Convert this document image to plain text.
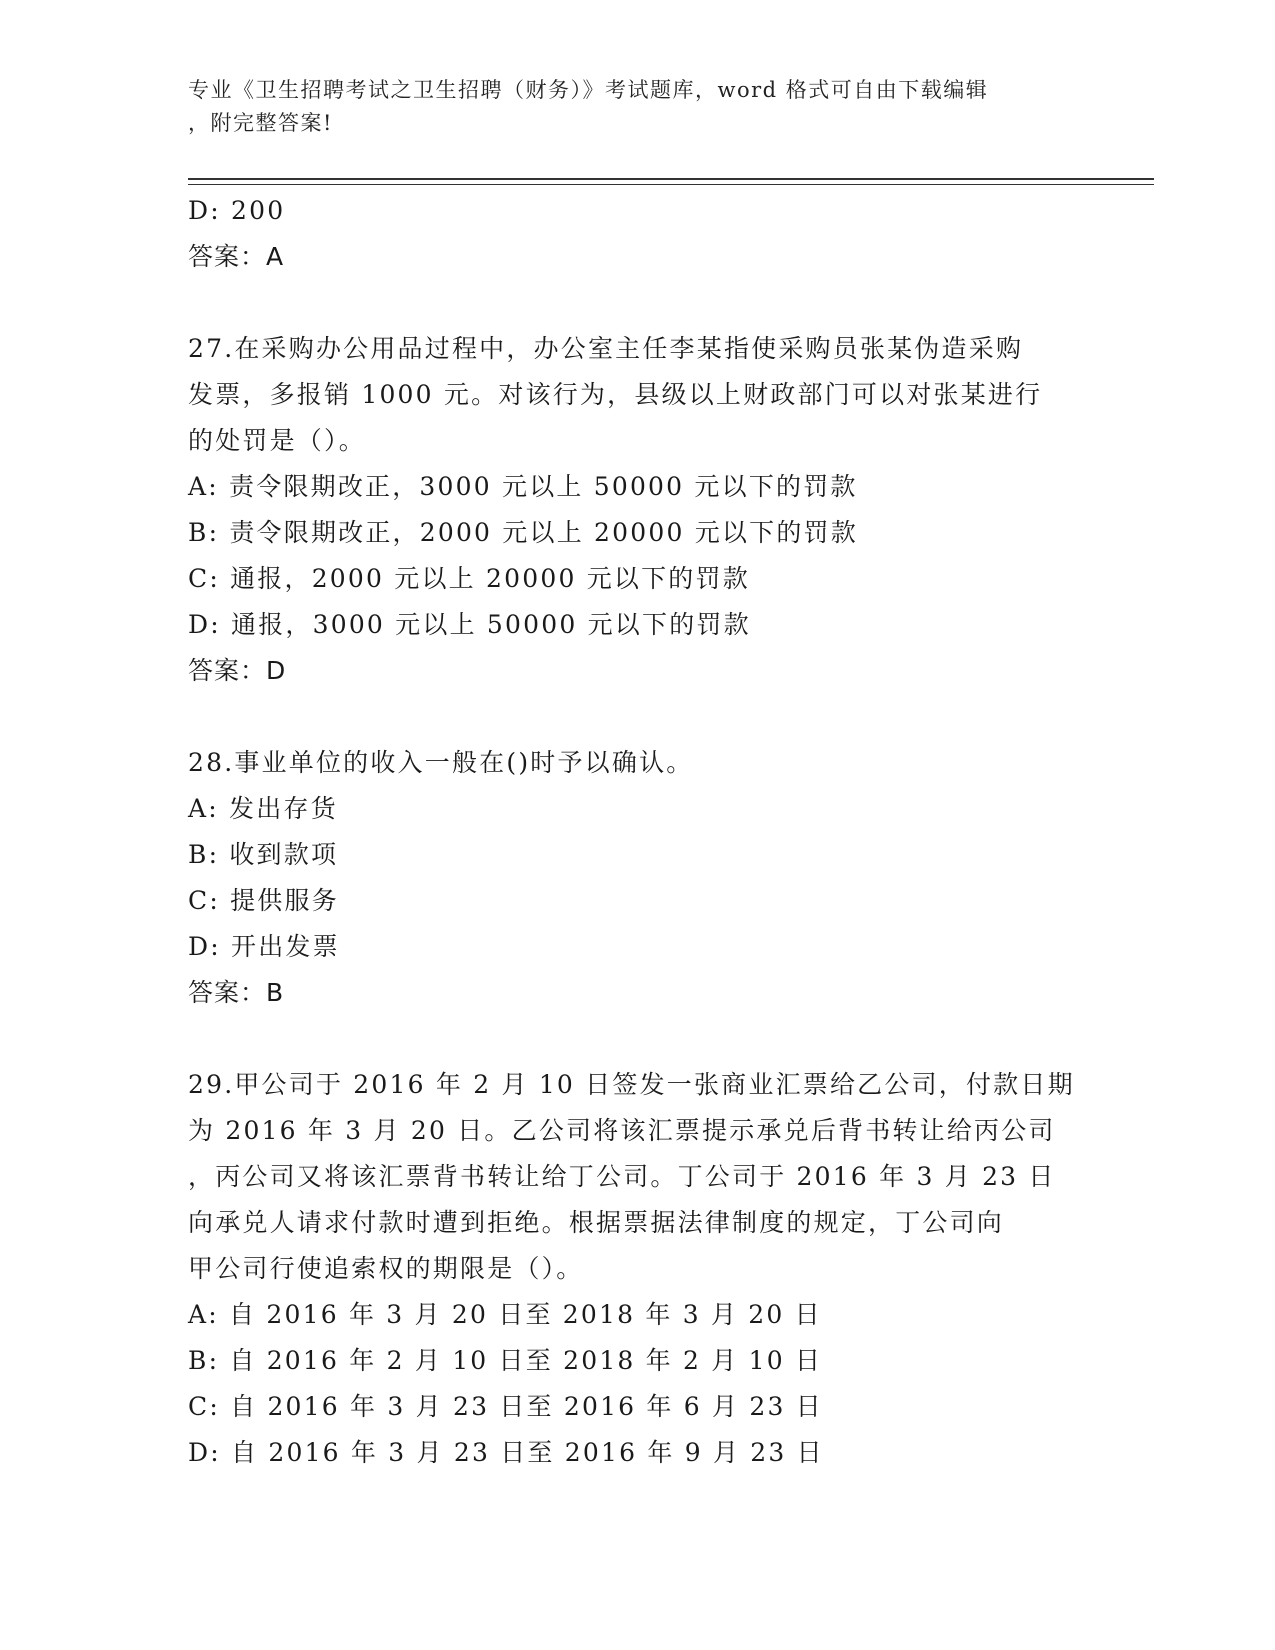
专业《卫生招聘考试之卫生招聘（财务）》考试题库，word 格式可自由下载编辑
，附完整答案!

D: 200

答案：A

27.在采购办公用品过程中，办公室主任李某指使采购员张某伪造采购

发票，多报销 1000 元。对该行为，县级以上财政部门可以对张某进行

的处罚是（）。

A: 责令限期改正，3000 元以上 50000 元以下的罚款

B: 责令限期改正，2000 元以上 20000 元以下的罚款

C: 通报，2000 元以上 20000 元以下的罚款

D: 通报，3000 元以上 50000 元以下的罚款

答案：D

28.事业单位的收入一般在()时予以确认。

A: 发出存货

B: 收到款项

C: 提供服务

D: 开出发票

答案：B

29.甲公司于 2016 年 2 月 10 日签发一张商业汇票给乙公司，付款日期

为 2016 年 3 月 20 日。乙公司将该汇票提示承兑后背书转让给丙公司

，丙公司又将该汇票背书转让给丁公司。丁公司于 2016 年 3 月 23 日

向承兑人请求付款时遭到拒绝。根据票据法律制度的规定，丁公司向

甲公司行使追索权的期限是（）。

A: 自 2016 年 3 月 20 日至 2018 年 3 月 20 日

B: 自 2016 年 2 月 10 日至 2018 年 2 月 10 日

C: 自 2016 年 3 月 23 日至 2016 年 6 月 23 日

D: 自 2016 年 3 月 23 日至 2016 年 9 月 23 日
